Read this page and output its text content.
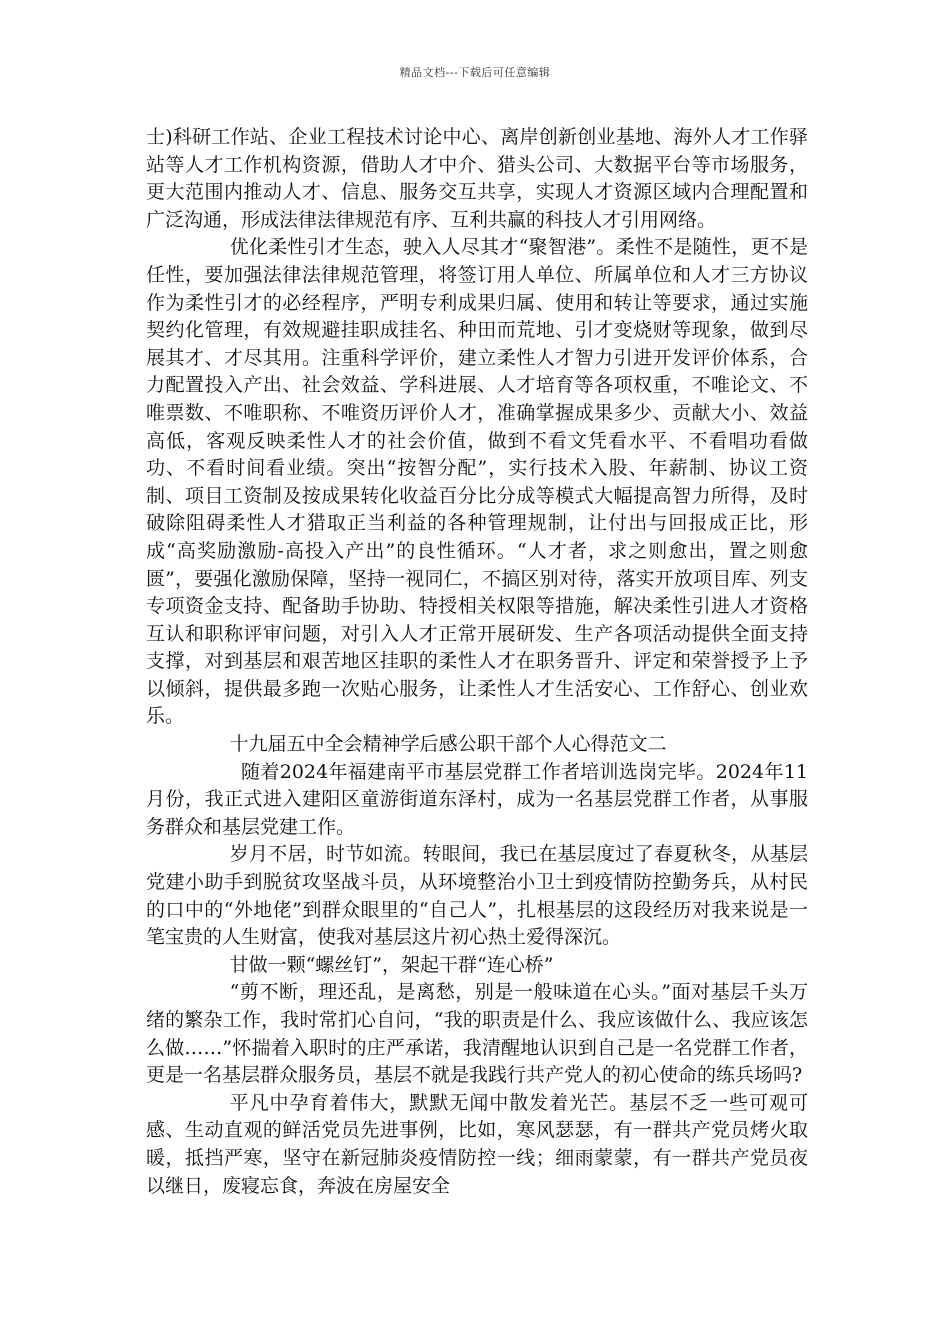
精品文档---下载后可任意编辑

士)科研工作站、企业工程技术讨论中心、离岸创新创业基地、海外人才工作驿站等人才工作机构资源，借助人才中介、猎头公司、大数据平台等市场服务，更大范围内推动人才、信息、服务交互共享，实现人才资源区域内合理配置和广泛沟通，形成法律法律规范有序、互利共赢的科技人才引用网络。

优化柔性引才生态，驶入人尽其才“聚智港”。柔性不是随性，更不是任性，要加强法律法律规范管理，将签订用人单位、所属单位和人才三方协议作为柔性引才的必经程序，严明专利成果归属、使用和转让等要求，通过实施契约化管理，有效规避挂职成挂名、种田而荒地、引才变烧财等现象，做到尽展其才、才尽其用。注重科学评价，建立柔性人才智力引进开发评价体系，合力配置投入产出、社会效益、学科进展、人才培育等各项权重，不唯论文、不唯票数、不唯职称、不唯资历评价人才，准确掌握成果多少、贡献大小、效益高低，客观反映柔性人才的社会价值，做到不看文凭看水平、不看唱功看做功、不看时间看业绩。突出“按智分配”，实行技术入股、年薪制、协议工资制、项目工资制及按成果转化收益百分比分成等模式大幅提高智力所得，及时破除阻碍柔性人才猎取正当利益的各种管理规制，让付出与回报成正比，形成“高奖励激励-高投入产出”的良性循环。“人才者，求之则愈出，置之则愈匮”，要强化激励保障，坚持一视同仁，不搞区别对待，落实开放项目库、列支专项资金支持、配备助手协助、特授相关权限等措施，解决柔性引进人才资格互认和职称评审问题，对引入人才正常开展研发、生产各项活动提供全面支持支撑，对到基层和艰苦地区挂职的柔性人才在职务晋升、评定和荣誉授予上予以倾斜，提供最多跑一次贴心服务，让柔性人才生活安心、工作舒心、创业欢乐。

十九届五中全会精神学后感公职干部个人心得范文二

随着2024年福建南平市基层党群工作者培训选岗完毕。2024年11月份，我正式进入建阳区童游街道东泽村，成为一名基层党群工作者，从事服务群众和基层党建工作。

岁月不居，时节如流。转眼间，我已在基层度过了春夏秋冬，从基层党建小助手到脱贫攻坚战斗员，从环境整治小卫士到疫情防控勤务兵，从村民的口中的“外地佬”到群众眼里的“自己人”，扎根基层的这段经历对我来说是一笔宝贵的人生财富，使我对基层这片初心热土爱得深沉。

甘做一颗“螺丝钉”，架起干群“连心桥”

“剪不断，理还乱，是离愁，别是一般味道在心头。”面对基层千头万绪的繁杂工作，我时常扪心自问，“我的职责是什么、我应该做什么、我应该怎么做……”怀揣着入职时的庄严承诺，我清醒地认识到自己是一名党群工作者，更是一名基层群众服务员，基层不就是我践行共产党人的初心使命的练兵场吗?

平凡中孕育着伟大，默默无闻中散发着光芒。基层不乏一些可观可感、生动直观的鲜活党员先进事例，比如，寒风瑟瑟，有一群共产党员烤火取暖，抵挡严寒，坚守在新冠肺炎疫情防控一线；细雨蒙蒙，有一群共产党员夜以继日，废寝忘食，奔波在房屋安全
